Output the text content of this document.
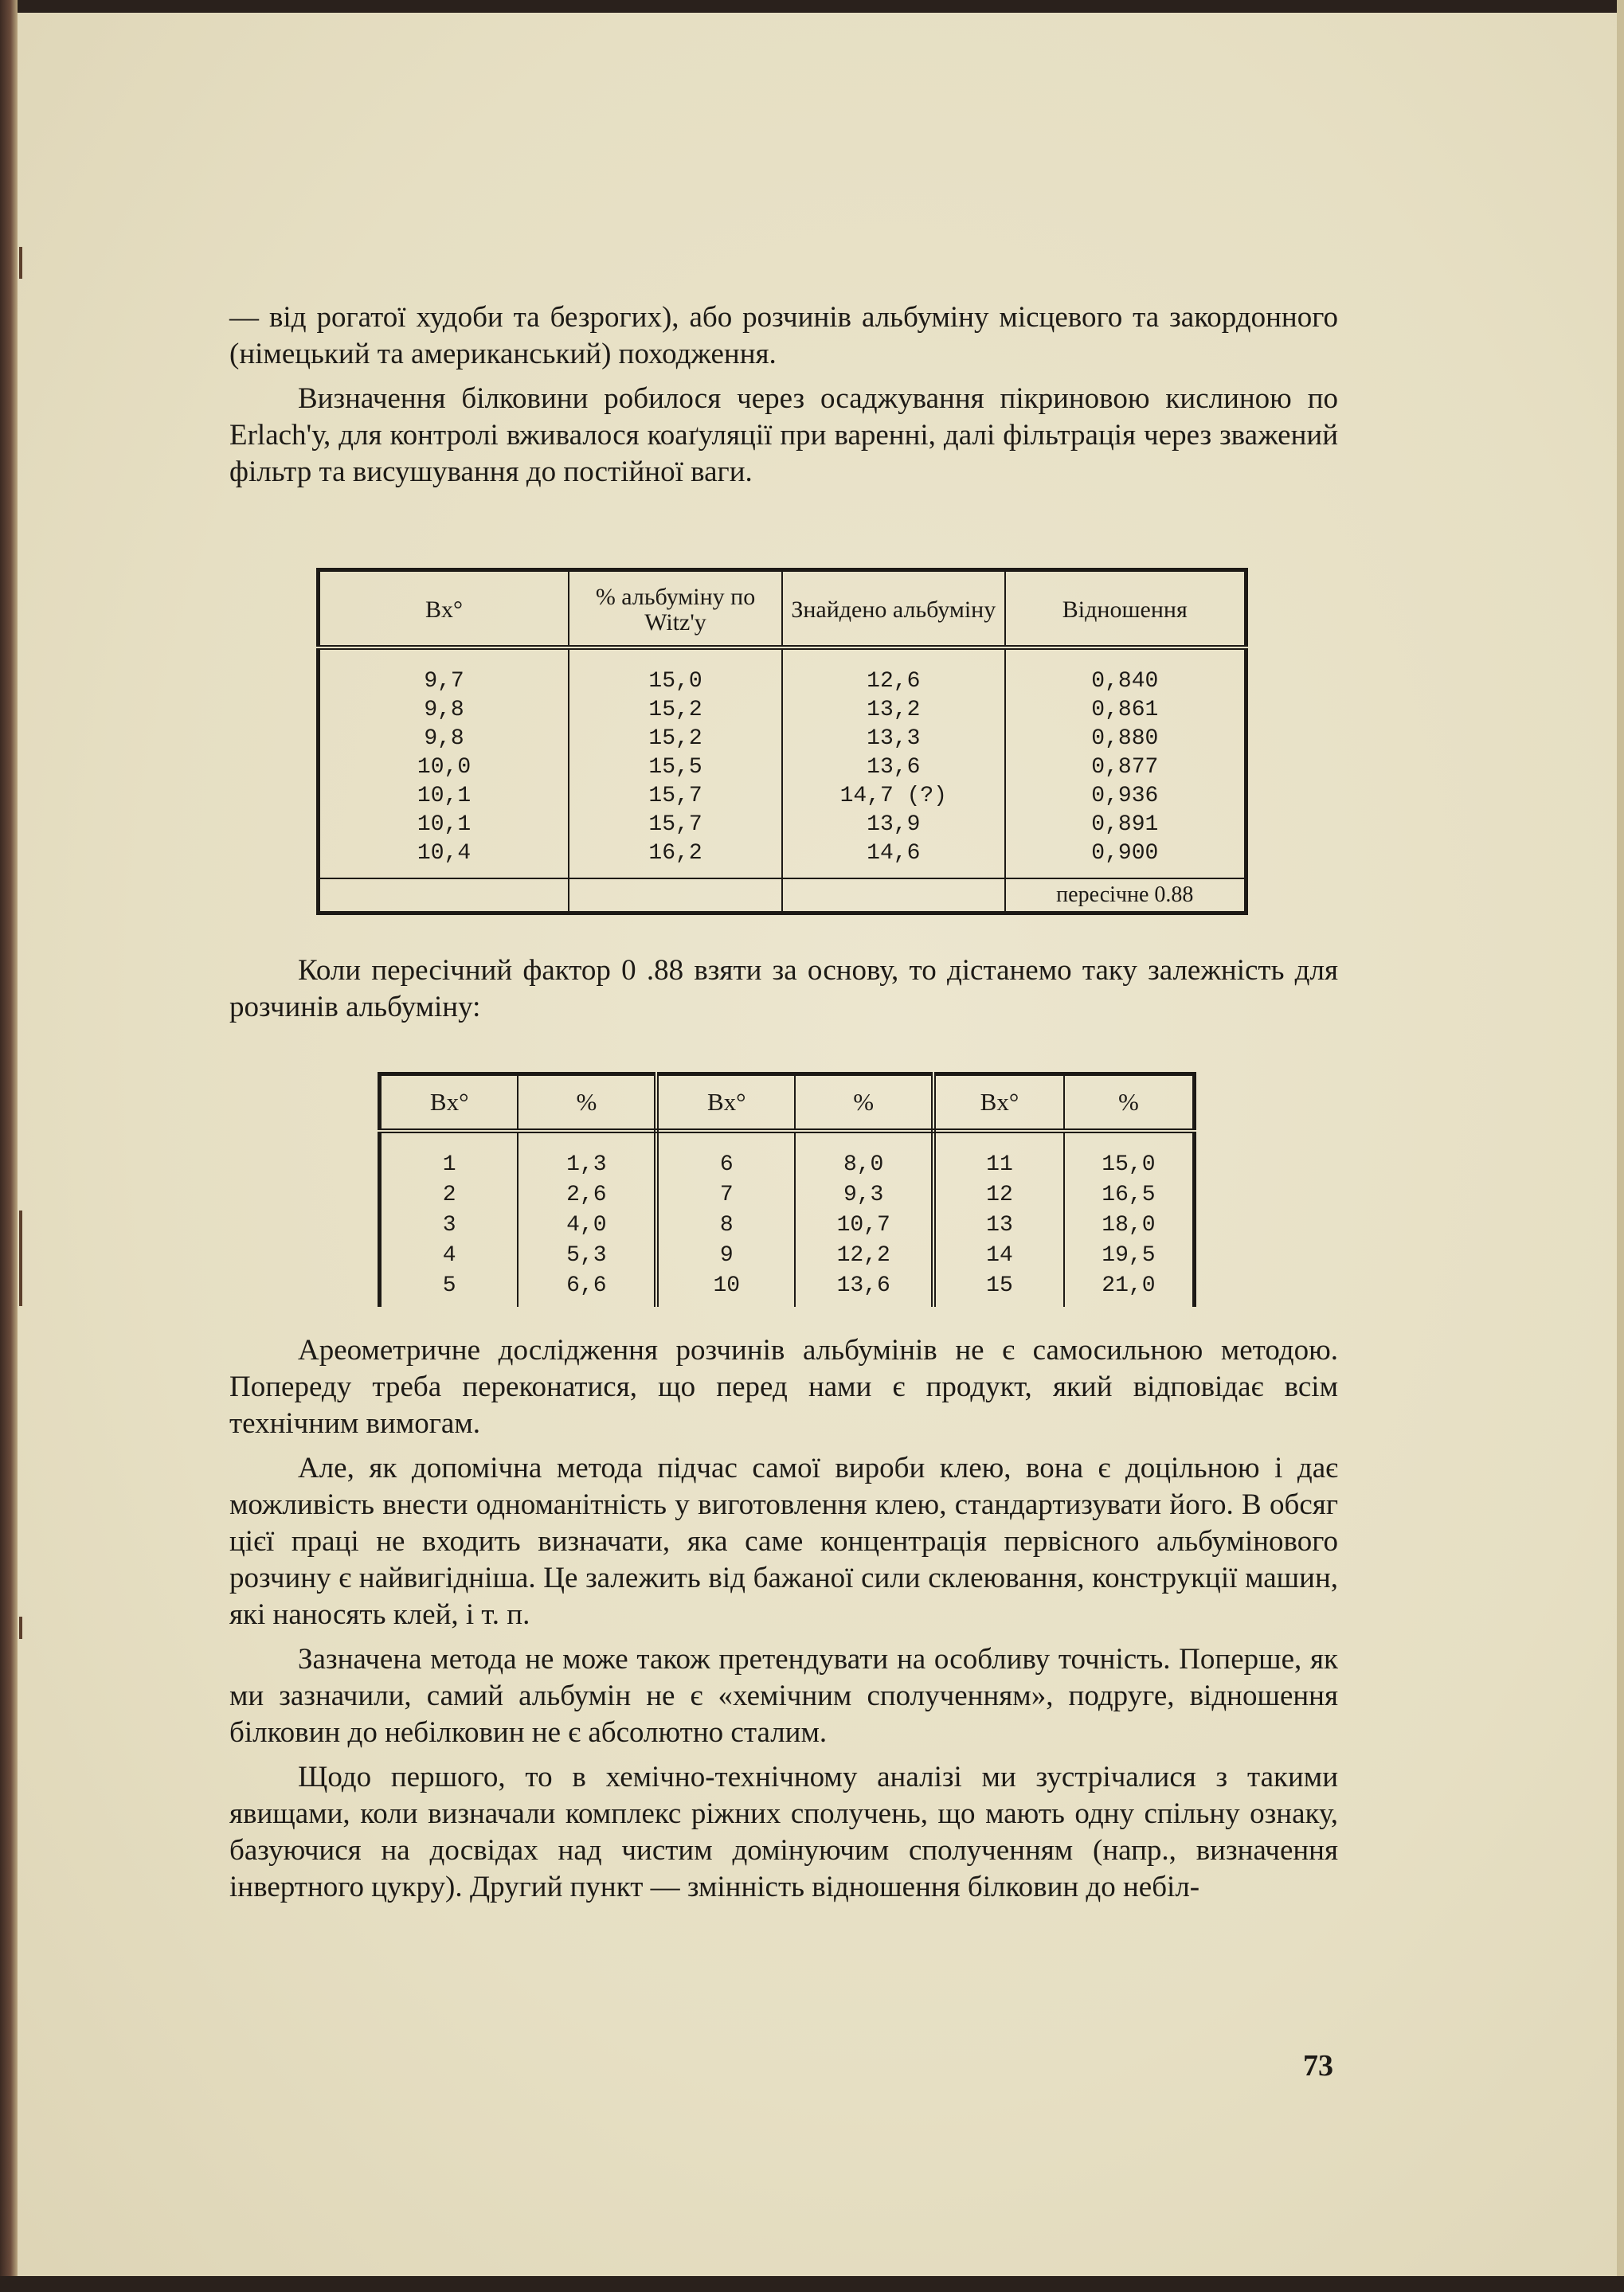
— від рогатої худоби та безрогих), або розчинів альбуміну місцевого та закордонного (німецький та американський) походження.

Визначення білковини робилося через осаджування пікриновою кислиною по Erlach'у, для контролі вживалося коаґуляції при варенні, далі фільтрація через зважений фільтр та висушування до постійної ваги.

Bx°	% альбуміну по Witz'у	Знайдено альбуміну	Відношення
9,7	15,0	12,6	0,840
9,8	15,2	13,2	0,861
9,8	15,2	13,3	0,880
10,0	15,5	13,6	0,877
10,1	15,7	14,7 (?)	0,936
10,1	15,7	13,9	0,891
10,4	16,2	14,6	0,900
			пересічне 0.88

Коли пересічний фактор 0 .88 взяти за основу, то дістанемо таку залежність для розчинів альбуміну:

Bx°	%	Bx°	%	Bx°	%
1	1,3	6	8,0	11	15,0
2	2,6	7	9,3	12	16,5
3	4,0	8	10,7	13	18,0
4	5,3	9	12,2	14	19,5
5	6,6	10	13,6	15	21,0

Ареометричне дослідження розчинів альбумінів не є самосильною методою. Попереду треба переконатися, що перед нами є продукт, який відповідає всім технічним вимогам.

Але, як допомічна метода підчас самої вироби клею, вона є доцільною і дає можливість внести одноманітність у виготовлення клею, стандартизувати його. В обсяг цієї праці не входить визначати, яка саме концентрація первісного альбумінового розчину є найвигідніша. Це залежить від бажаної сили склеювання, конструкції машин, які наносять клей, і т. п.

Зазначена метода не може також претендувати на особливу точність. Поперше, як ми зазначили, самий альбумін не є «хемічним сполученням», подруге, відношення білковин до небілковин не є абсолютно сталим.

Щодо першого, то в хемічно-технічному аналізі ми зустрічалися з такими явищами, коли визначали комплекс ріжних сполучень, що мають одну спільну ознаку, базуючися на досвідах над чистим домінуючим сполученням (напр., визначення інвертного цукру). Другий пункт — змінність відношення білковин до небіл-

73
